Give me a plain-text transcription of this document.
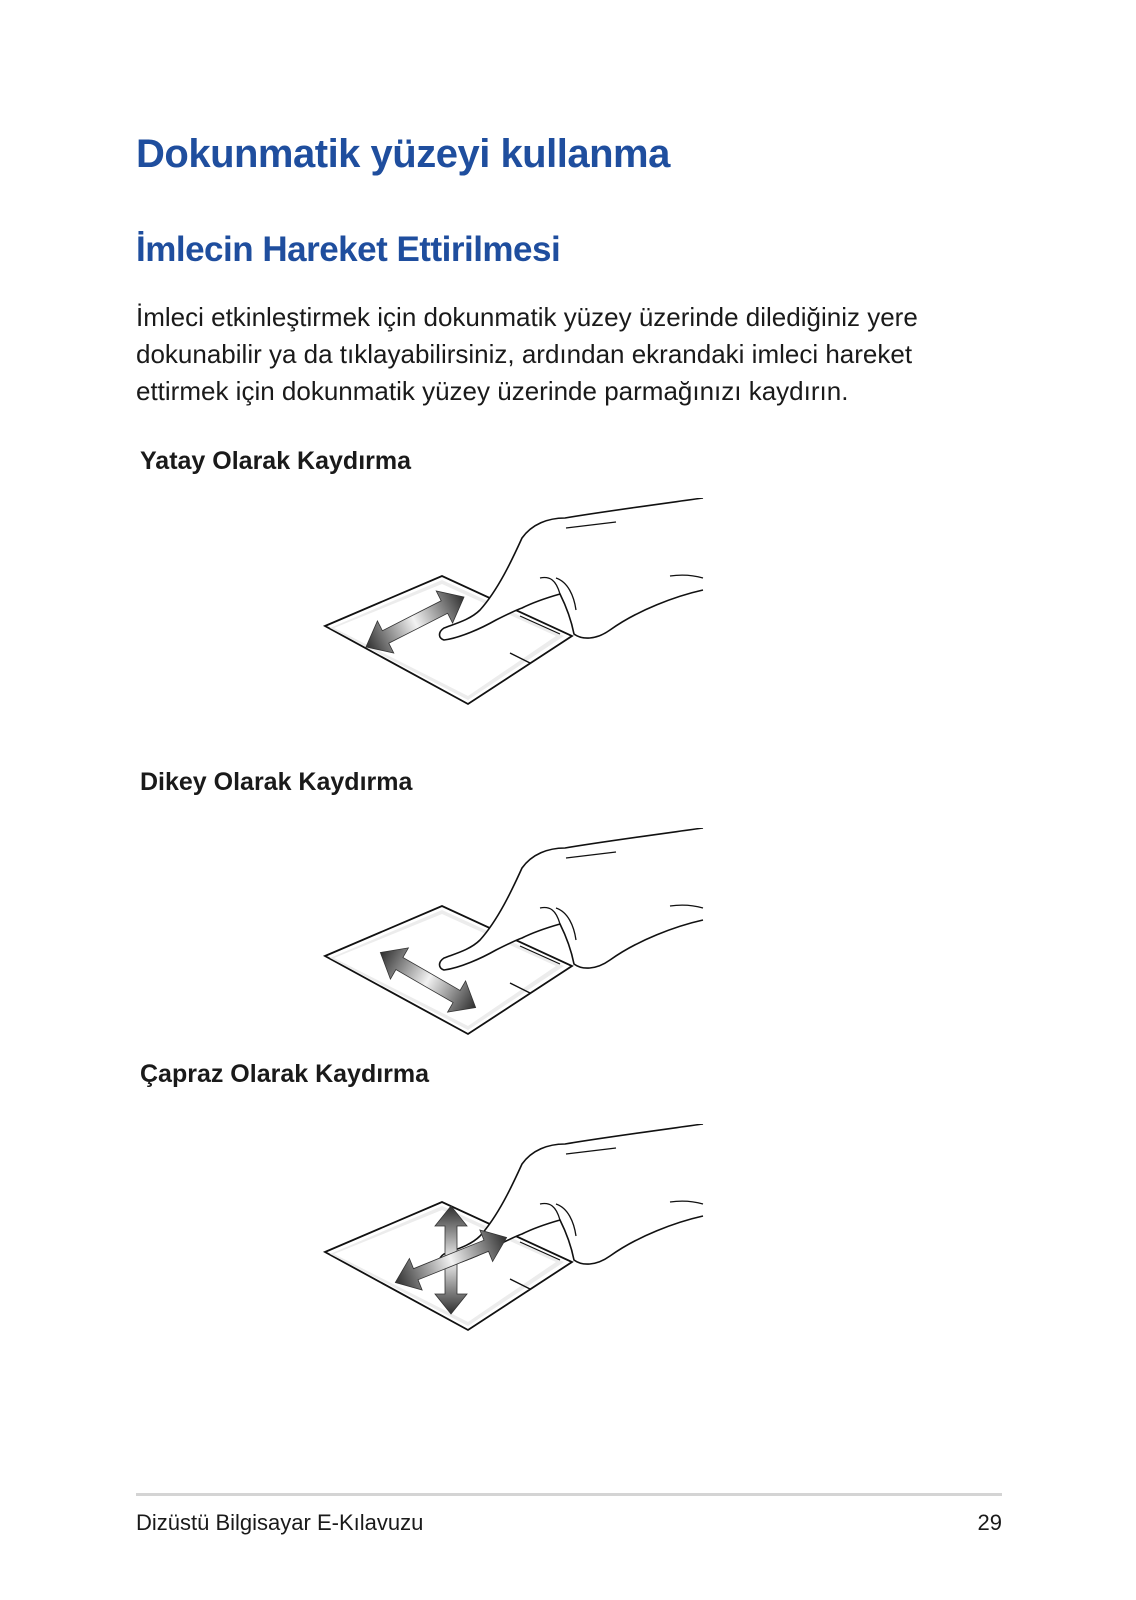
Dokunmatik yüzeyi kullanma
İmlecin Hareket Ettirilmesi

İmleci etkinleştirmek için dokunmatik yüzey üzerinde dilediğiniz yere dokunabilir ya da tıklayabilirsiniz, ardından ekrandaki imleci hareket ettirmek için dokunmatik yüzey üzerinde parmağınızı kaydırın.

Yatay Olarak Kaydırma

Dikey Olarak Kaydırma

Çapraz Olarak Kaydırma

Dizüstü Bilgisayar E-Kılavuzu	29
